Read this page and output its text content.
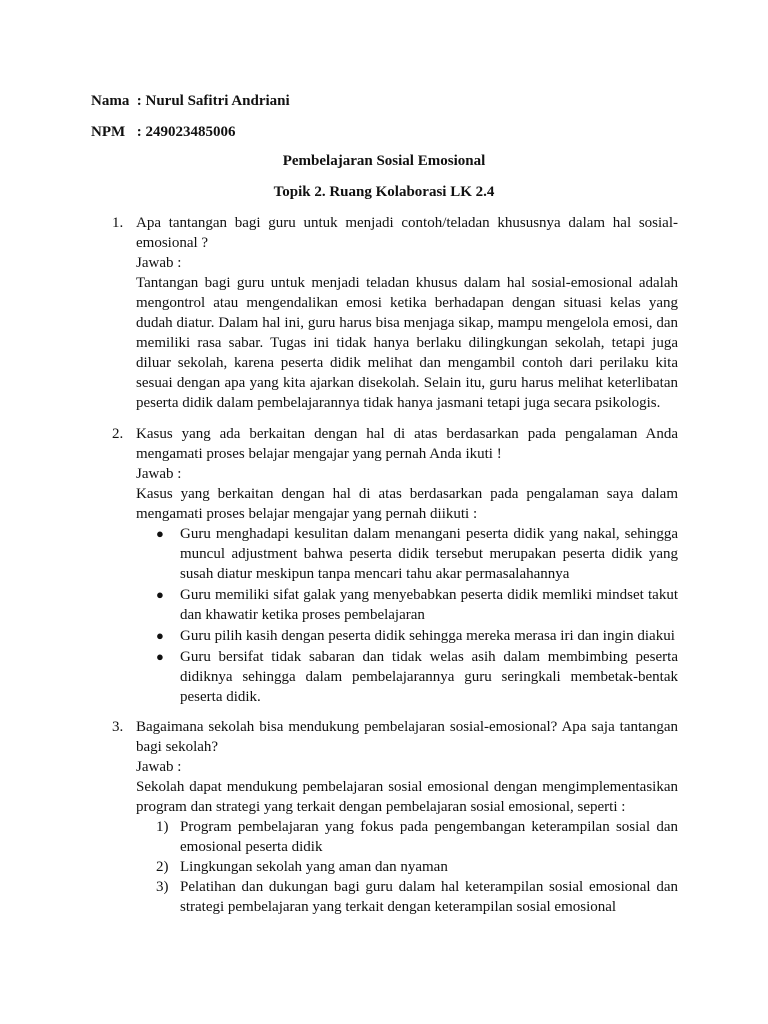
Nama : Nurul Safitri Andriani
NPM : 249023485006
Pembelajaran Sosial Emosional
Topik 2. Ruang Kolaborasi LK 2.4
1. Apa tantangan bagi guru untuk menjadi contoh/teladan khususnya dalam hal sosial-emosional ?
Jawab :
Tantangan bagi guru untuk menjadi teladan khusus dalam hal sosial-emosional adalah mengontrol atau mengendalikan emosi ketika berhadapan dengan situasi kelas yang dudah diatur. Dalam hal ini, guru harus bisa menjaga sikap, mampu mengelola emosi, dan memiliki rasa sabar. Tugas ini tidak hanya berlaku dilingkungan sekolah, tetapi juga diluar sekolah, karena peserta didik melihat dan mengambil contoh dari perilaku kita sesuai dengan apa yang kita ajarkan disekolah. Selain itu, guru harus melihat keterlibatan peserta didik dalam pembelajarannya tidak hanya jasmani tetapi juga secara psikologis.
2. Kasus yang ada berkaitan dengan hal di atas berdasarkan pada pengalaman Anda mengamati proses belajar mengajar yang pernah Anda ikuti !
Jawab :
Kasus yang berkaitan dengan hal di atas berdasarkan pada pengalaman saya dalam mengamati proses belajar mengajar yang pernah diikuti :
● Guru menghadapi kesulitan dalam menangani peserta didik yang nakal, sehingga muncul adjustment bahwa peserta didik tersebut merupakan peserta didik yang susah diatur meskipun tanpa mencari tahu akar permasalahannya
● Guru memiliki sifat galak yang menyebabkan peserta didik memliki mindset takut dan khawatir ketika proses pembelajaran
● Guru pilih kasih dengan peserta didik sehingga mereka merasa iri dan ingin diakui
● Guru bersifat tidak sabaran dan tidak welas asih dalam membimbing peserta didiknya sehingga dalam pembelajarannya guru seringkali membetak-bentak peserta didik.
3. Bagaimana sekolah bisa mendukung pembelajaran sosial-emosional? Apa saja tantangan bagi sekolah?
Jawab :
Sekolah dapat mendukung pembelajaran sosial emosional dengan mengimplementasikan program dan strategi yang terkait dengan pembelajaran sosial emosional, seperti :
1) Program pembelajaran yang fokus pada pengembangan keterampilan sosial dan emosional peserta didik
2) Lingkungan sekolah yang aman dan nyaman
3) Pelatihan dan dukungan bagi guru dalam hal keterampilan sosial emosional dan strategi pembelajaran yang terkait dengan keterampilan sosial emosional
